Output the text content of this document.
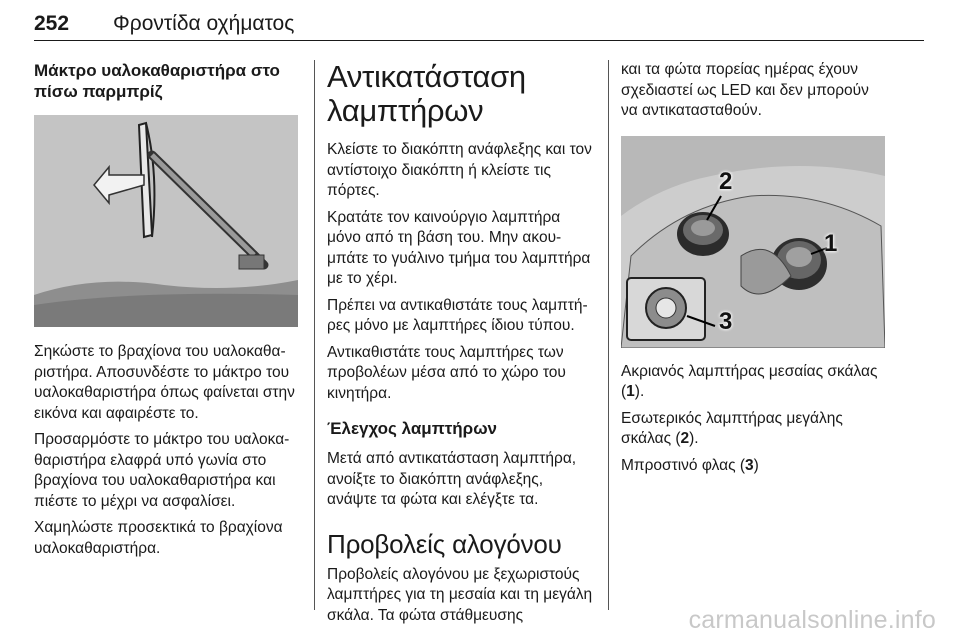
252 Φροντίδα οχήματος
Μάκτρο υαλοκαθαριστήρα στο πίσω παρμπρίζ

Σηκώστε το βραχίονα του υαλοκαθα-ριστήρα. Αποσυνδέστε το μάκτρο του υαλοκαθαριστήρα όπως φαίνεται στην εικόνα και αφαιρέστε το.

Προσαρμόστε το μάκτρο του υαλοκα-θαριστήρα ελαφρά υπό γωνία στο βραχίονα του υαλοκαθαριστήρα και πιέστε το μέχρι να ασφαλίσει.

Χαμηλώστε προσεκτικά το βραχίονα υαλοκαθαριστήρα.

Αντικατάσταση λαμπτήρων

Κλείστε το διακόπτη ανάφλεξης και τον αντίστοιχο διακόπτη ή κλείστε τις πόρτες.

Κρατάτε τον καινούργιο λαμπτήρα μόνο από τη βάση του. Μην ακου-μπάτε το γυάλινο τμήμα του λαμπτήρα με το χέρι.

Πρέπει να αντικαθιστάτε τους λαμπτή-ρες μόνο με λαμπτήρες ίδιου τύπου.

Αντικαθιστάτε τους λαμπτήρες των προβολέων μέσα από το χώρο του κινητήρα.

Έλεγχος λαμπτήρων

Μετά από αντικατάσταση λαμπτήρα, ανοίξτε το διακόπτη ανάφλεξης, ανάψτε τα φώτα και ελέγξτε τα.

Προβολείς αλογόνου

Προβολείς αλογόνου με ξεχωριστούς λαμπτήρες για τη μεσαία και τη μεγάλη σκάλα. Τα φώτα στάθμευσης

και τα φώτα πορείας ημέρας έχουν σχεδιαστεί ως LED και δεν μπορούν να αντικατασταθούν.

2
1
3

Ακριανός λαμπτήρας μεσαίας σκάλας (1).

Εσωτερικός λαμπτήρας μεγάλης σκάλας (2).

Μπροστινό φλας (3)

carmanualsonline.info
